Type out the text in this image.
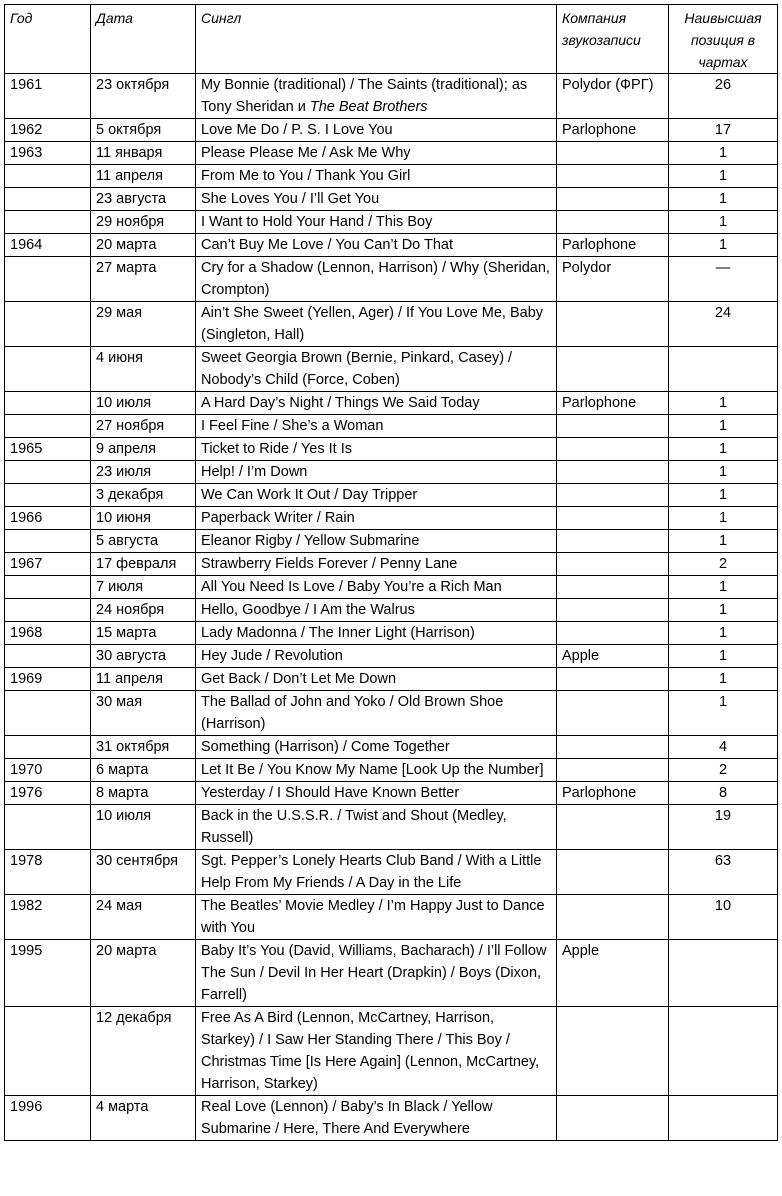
Год	Дата	Сингл	Компания звукозаписи	Наивысшая позиция в чартах
1961	23 октября	My Bonnie (traditional) / The Saints (traditional); as Tony Sheridan и The Beat Brothers	Polydor (ФРГ)	26
1962	5 октября	Love Me Do / P. S. I Love You	Parlophone	17
1963	11 января	Please Please Me / Ask Me Why		1
	11 апреля	From Me to You / Thank You Girl		1
	23 августа	She Loves You / I’ll Get You		1
	29 ноября	I Want to Hold Your Hand / This Boy		1
1964	20 марта	Can’t Buy Me Love / You Can’t Do That	Parlophone	1
	27 марта	Cry for a Shadow (Lennon, Harrison) / Why (Sheridan, Crompton)	Polydor	—
	29 мая	Ain’t She Sweet (Yellen, Ager) / If You Love Me, Baby (Singleton, Hall)		24
	4 июня	Sweet Georgia Brown (Bernie, Pinkard, Casey) / Nobody’s Child (Force, Coben)		
	10 июля	A Hard Day’s Night / Things We Said Today	Parlophone	1
	27 ноября	I Feel Fine / She’s a Woman		1
1965	9 апреля	Ticket to Ride / Yes It Is		1
	23 июля	Help! / I’m Down		1
	3 декабря	We Can Work It Out / Day Tripper		1
1966	10 июня	Paperback Writer / Rain		1
	5 августа	Eleanor Rigby / Yellow Submarine		1
1967	17 февраля	Strawberry Fields Forever / Penny Lane		2
	7 июля	All You Need Is Love / Baby You’re a Rich Man		1
	24 ноября	Hello, Goodbye / I Am the Walrus		1
1968	15 марта	Lady Madonna / The Inner Light (Harrison)		1
	30 августа	Hey Jude / Revolution	Apple	1
1969	11 апреля	Get Back / Don’t Let Me Down		1
	30 мая	The Ballad of John and Yoko / Old Brown Shoe (Harrison)		1
	31 октября	Something (Harrison) / Come Together		4
1970	6 марта	Let It Be / You Know My Name [Look Up the Number]		2
1976	8 марта	Yesterday / I Should Have Known Better	Parlophone	8
	10 июля	Back in the U.S.S.R. / Twist and Shout (Medley, Russell)		19
1978	30 сентября	Sgt. Pepper’s Lonely Hearts Club Band / With a Little Help From My Friends / A Day in the Life		63
1982	24 мая	The Beatles’ Movie Medley / I’m Happy Just to Dance with You		10
1995	20 марта	Baby It’s You (David, Williams, Bacharach) / I’ll Follow The Sun / Devil In Her Heart (Drapkin) / Boys (Dixon, Farrell)	Apple	
	12 декабря	Free As A Bird (Lennon, McCartney, Harrison, Starkey) / I Saw Her Standing There / This Boy / Christmas Time [Is Here Again] (Lennon, McCartney, Harrison, Starkey)		
1996	4 марта	Real Love (Lennon) / Baby’s In Black / Yellow Submarine / Here, There And Everywhere		
